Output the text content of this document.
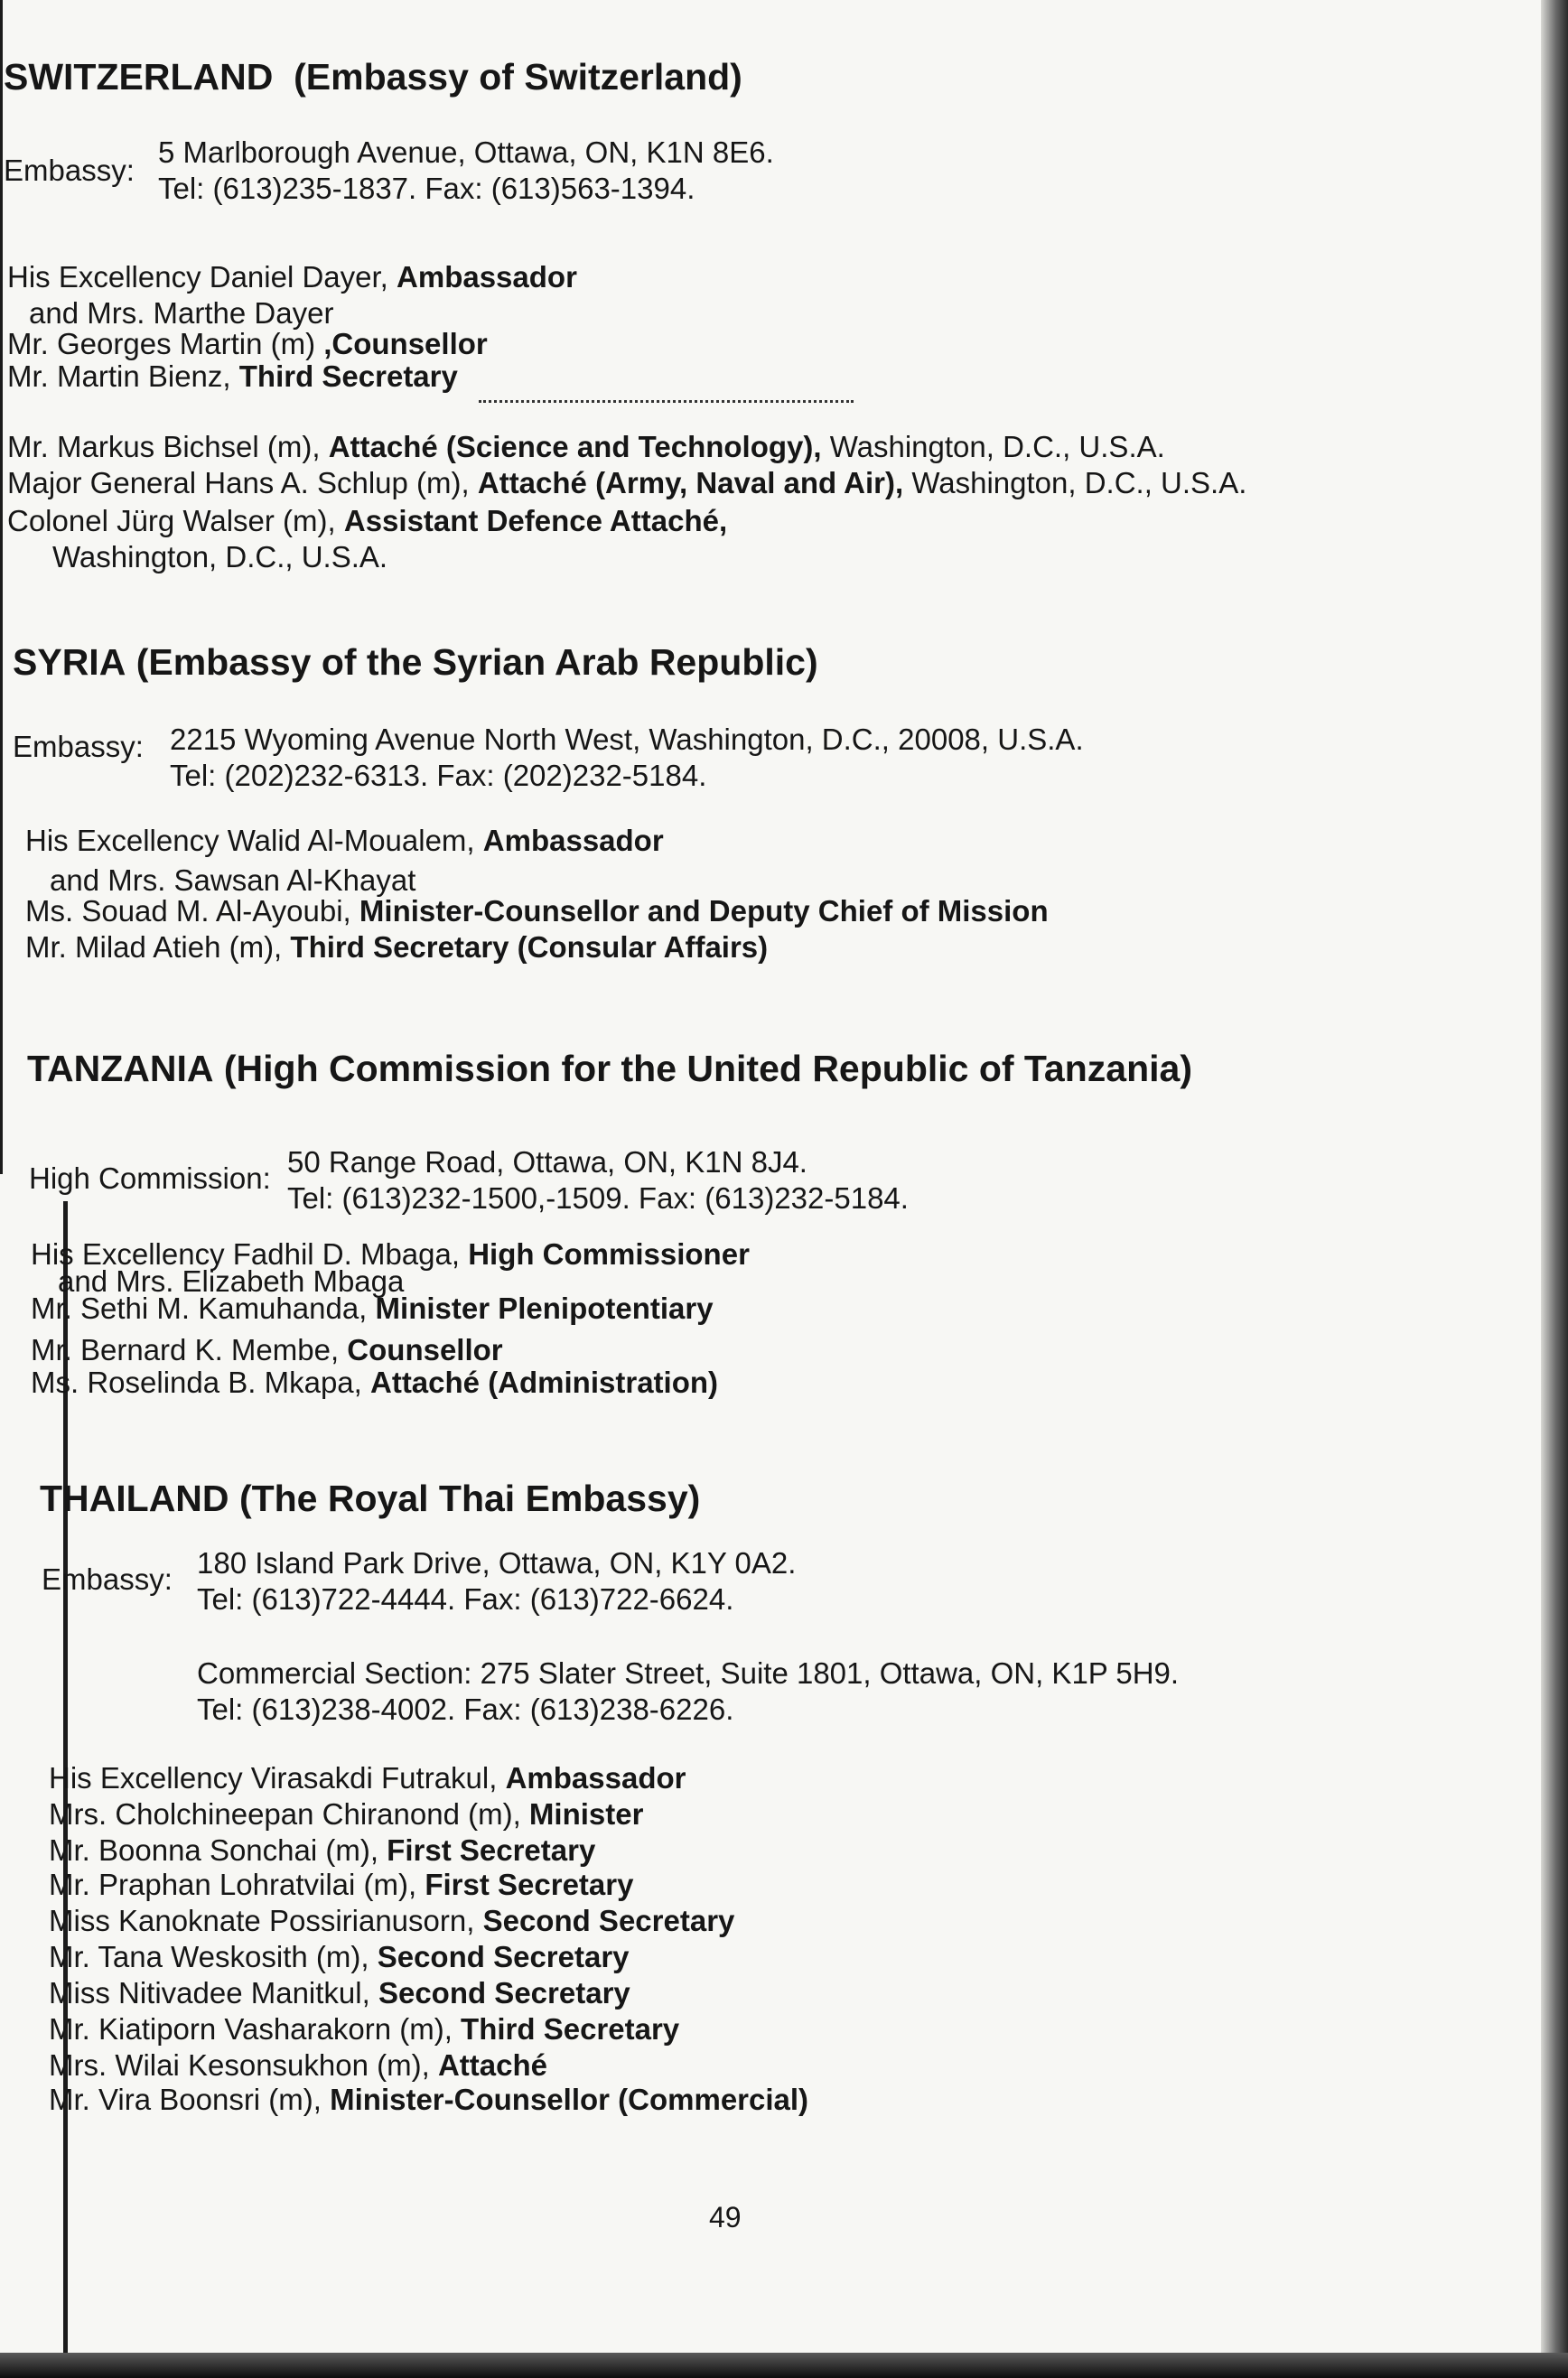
SWITZERLAND (Embassy of Switzerland)
Embassy:
5 Marlborough Avenue, Ottawa, ON, K1N 8E6.
Tel: (613)235-1837. Fax: (613)563-1394.
His Excellency Daniel Dayer, Ambassador
and Mrs. Marthe Dayer
Mr. Georges Martin (m) ,Counsellor
Mr. Martin Bienz, Third Secretary
Mr. Markus Bichsel (m), Attaché (Science and Technology), Washington, D.C., U.S.A.
Major General Hans A. Schlup (m), Attaché (Army, Naval and Air), Washington, D.C., U.S.A.
Colonel Jürg Walser (m), Assistant Defence Attaché,
Washington, D.C., U.S.A.
SYRIA (Embassy of the Syrian Arab Republic)
Embassy: 2215 Wyoming Avenue North West, Washington, D.C., 20008, U.S.A.
Tel: (202)232-6313. Fax: (202)232-5184.
His Excellency Walid Al-Moualem, Ambassador
and Mrs. Sawsan Al-Khayat
Ms. Souad M. Al-Ayoubi, Minister-Counsellor and Deputy Chief of Mission
Mr. Milad Atieh (m), Third Secretary (Consular Affairs)
TANZANIA (High Commission for the United Republic of Tanzania)
High Commission: 50 Range Road, Ottawa, ON, K1N 8J4.
Tel: (613)232-1500,-1509. Fax: (613)232-5184.
His Excellency Fadhil D. Mbaga, High Commissioner
and Mrs. Elizabeth Mbaga
Mr. Sethi M. Kamuhanda, Minister Plenipotentiary
Mr. Bernard K. Membe, Counsellor
Ms. Roselinda B. Mkapa, Attaché (Administration)
THAILAND (The Royal Thai Embassy)
Embassy: 180 Island Park Drive, Ottawa, ON, K1Y 0A2.
Tel: (613)722-4444. Fax: (613)722-6624.
Commercial Section: 275 Slater Street, Suite 1801, Ottawa, ON, K1P 5H9.
Tel: (613)238-4002. Fax: (613)238-6226.
His Excellency Virasakdi Futrakul, Ambassador
Mrs. Cholchineepan Chiranond (m), Minister
Mr. Boonna Sonchai (m), First Secretary
Mr. Praphan Lohratvilai (m), First Secretary
Miss Kanoknate Possirianusorn, Second Secretary
Mr. Tana Weskosith (m), Second Secretary
Miss Nitivadee Manitkul, Second Secretary
Mr. Kiatiporn Vasharakorn (m), Third Secretary
Mrs. Wilai Kesonsukhon (m), Attaché
Mr. Vira Boonsri (m), Minister-Counsellor (Commercial)
49
